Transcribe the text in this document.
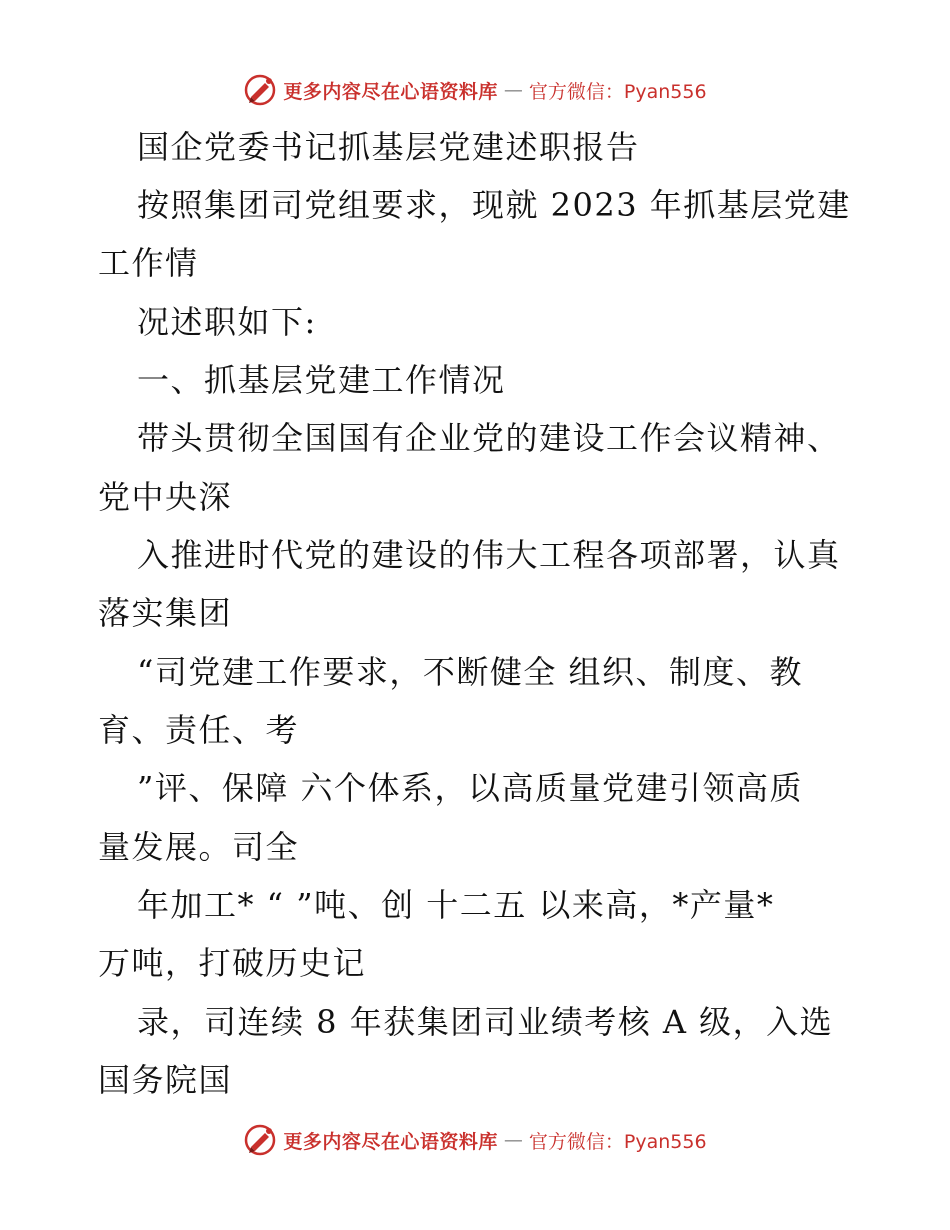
更多内容尽在心语资料库 — 官方微信：Pyan556
国企党委书记抓基层党建述职报告
按照集团司党组要求，现就 2023 年抓基层党建
工作情
况述职如下:
一、抓基层党建工作情况
带头贯彻全国国有企业党的建设工作会议精神、
党中央深
入推进时代党的建设的伟大工程各项部署，认真
落实集团
“司党建工作要求，不断健全 组织、制度、教
育、责任、考
”评、保障 六个体系，以高质量党建引领高质
量发展。司全
年加工* “ ”吨、创 十二五 以来高，*产量*
万吨，打破历史记
录，司连续 8 年获集团司业绩考核 A 级，入选
国务院国
更多内容尽在心语资料库 — 官方微信：Pyan556
